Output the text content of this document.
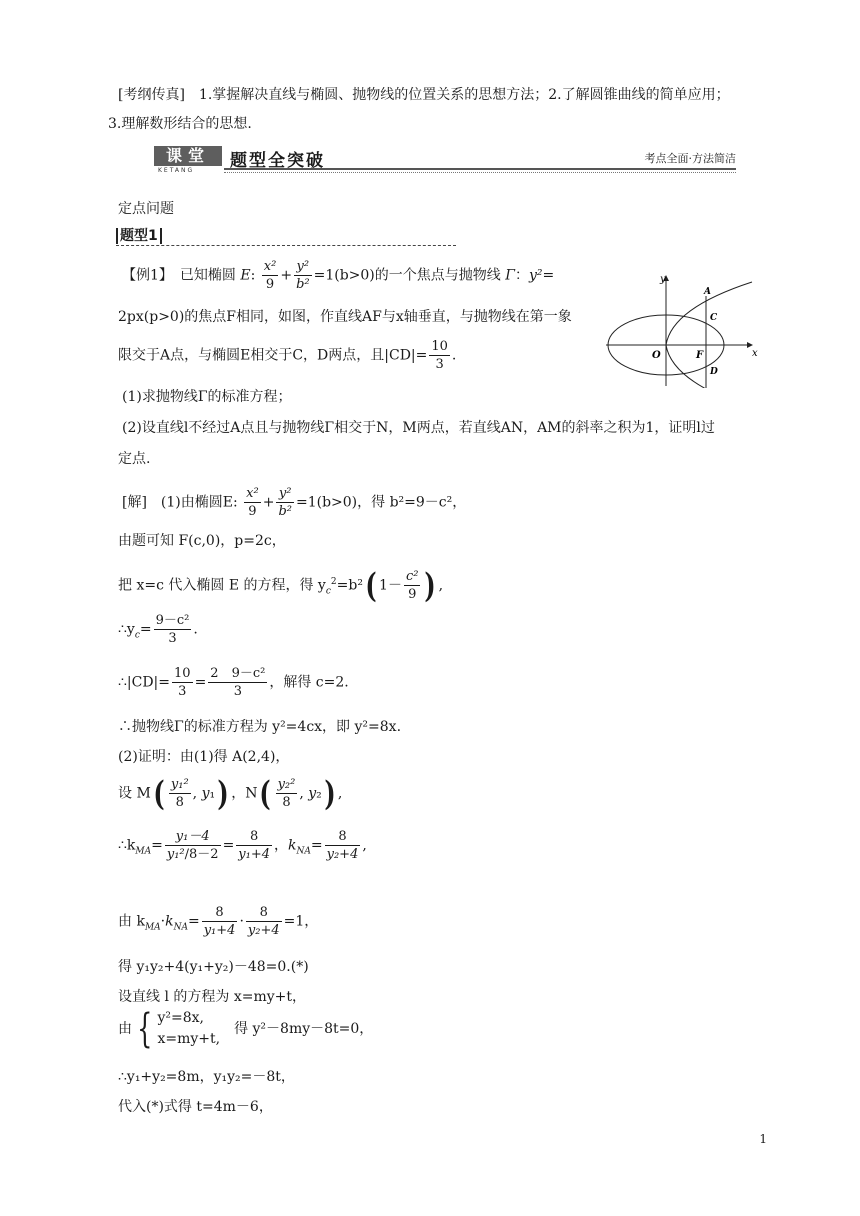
[考纲传真]　1.掌握解决直线与椭圆、抛物线的位置关系的思想方法；2.了解圆锥曲线的简单应用；
3.理解数形结合的思想.
课堂
KETANG 题型全突破	考点全面·方法简洁
定点问题
题型1
【例1】　 已知椭圆 E: $\frac{\text{x²}}{9} + \frac{\text{y²}}{\text{b²}} =1(b>0)$的一个焦点与抛物线 Γ：y²=
2px(p>0)的焦点F相同，如图，作直线AF与x轴垂直，与抛物线在第一象
限交于A点，与椭圆E相交于C，D两点，且$|CD|= \frac{10}{3}$ .
(1)求抛物线Γ的标准方程；
(2)设直线l不经过A点且与抛物线Γ相交于N，M两点，若直线AN，AM的斜率之积为1，证明l过
定点.
y
x
O	F
A
C
D
[解]　(1)由椭圆E: $\frac{\text{x²}}{9} + \frac{\text{y²}}{\text{b²}} =1(b>0)$，得 b²=9－c²，
由题可知 F(c,0)，p=2c，
把 x=c 代入椭圆 E 的方程，得 $y_c^2=b^2$( $1- \frac{\text{c²}}{9}$ ) ,
$\therefore y_c= \frac{\text{9－c²}}{3}$ .
∴|CD|= $\frac{10}{3} = \frac{\text{2　 9－c²}}{3}$ ，解得 c=2.
∴抛物线Γ的标准方程为 y²=4cx，即 y²=8x.
(2)证明：由(1)得 A(2,4)，
设 $M( \frac{\text{y₁²}}{8}$ , y₁) ，$N( \frac{\text{y₂²}}{8}$ , y₂) ,
$\therefore k_{MA}= \frac{\text{y₁－4}}{\text{y₁²/8－2}} = \frac{8}{\text{y₁+4}}$ ，$k_{NA}= \frac{8}{\text{y₂+4}}$ ,
由 $k_{MA}\cdot k_{NA}= \frac{8}{\text{y₁+4}} \cdot \frac{8}{\text{y₂+4}} =1$，
得 y₁y₂+4(y₁+y₂)－48=0.(*)
设直线 l 的方程为 x=my+t，
由 { y²=8x,
x=my+t,
　得 y²－8my－8t=0，
∴y₁+y₂=8m，y₁y₂=－8t，
代入(*)式得 t=4m－6，
1
